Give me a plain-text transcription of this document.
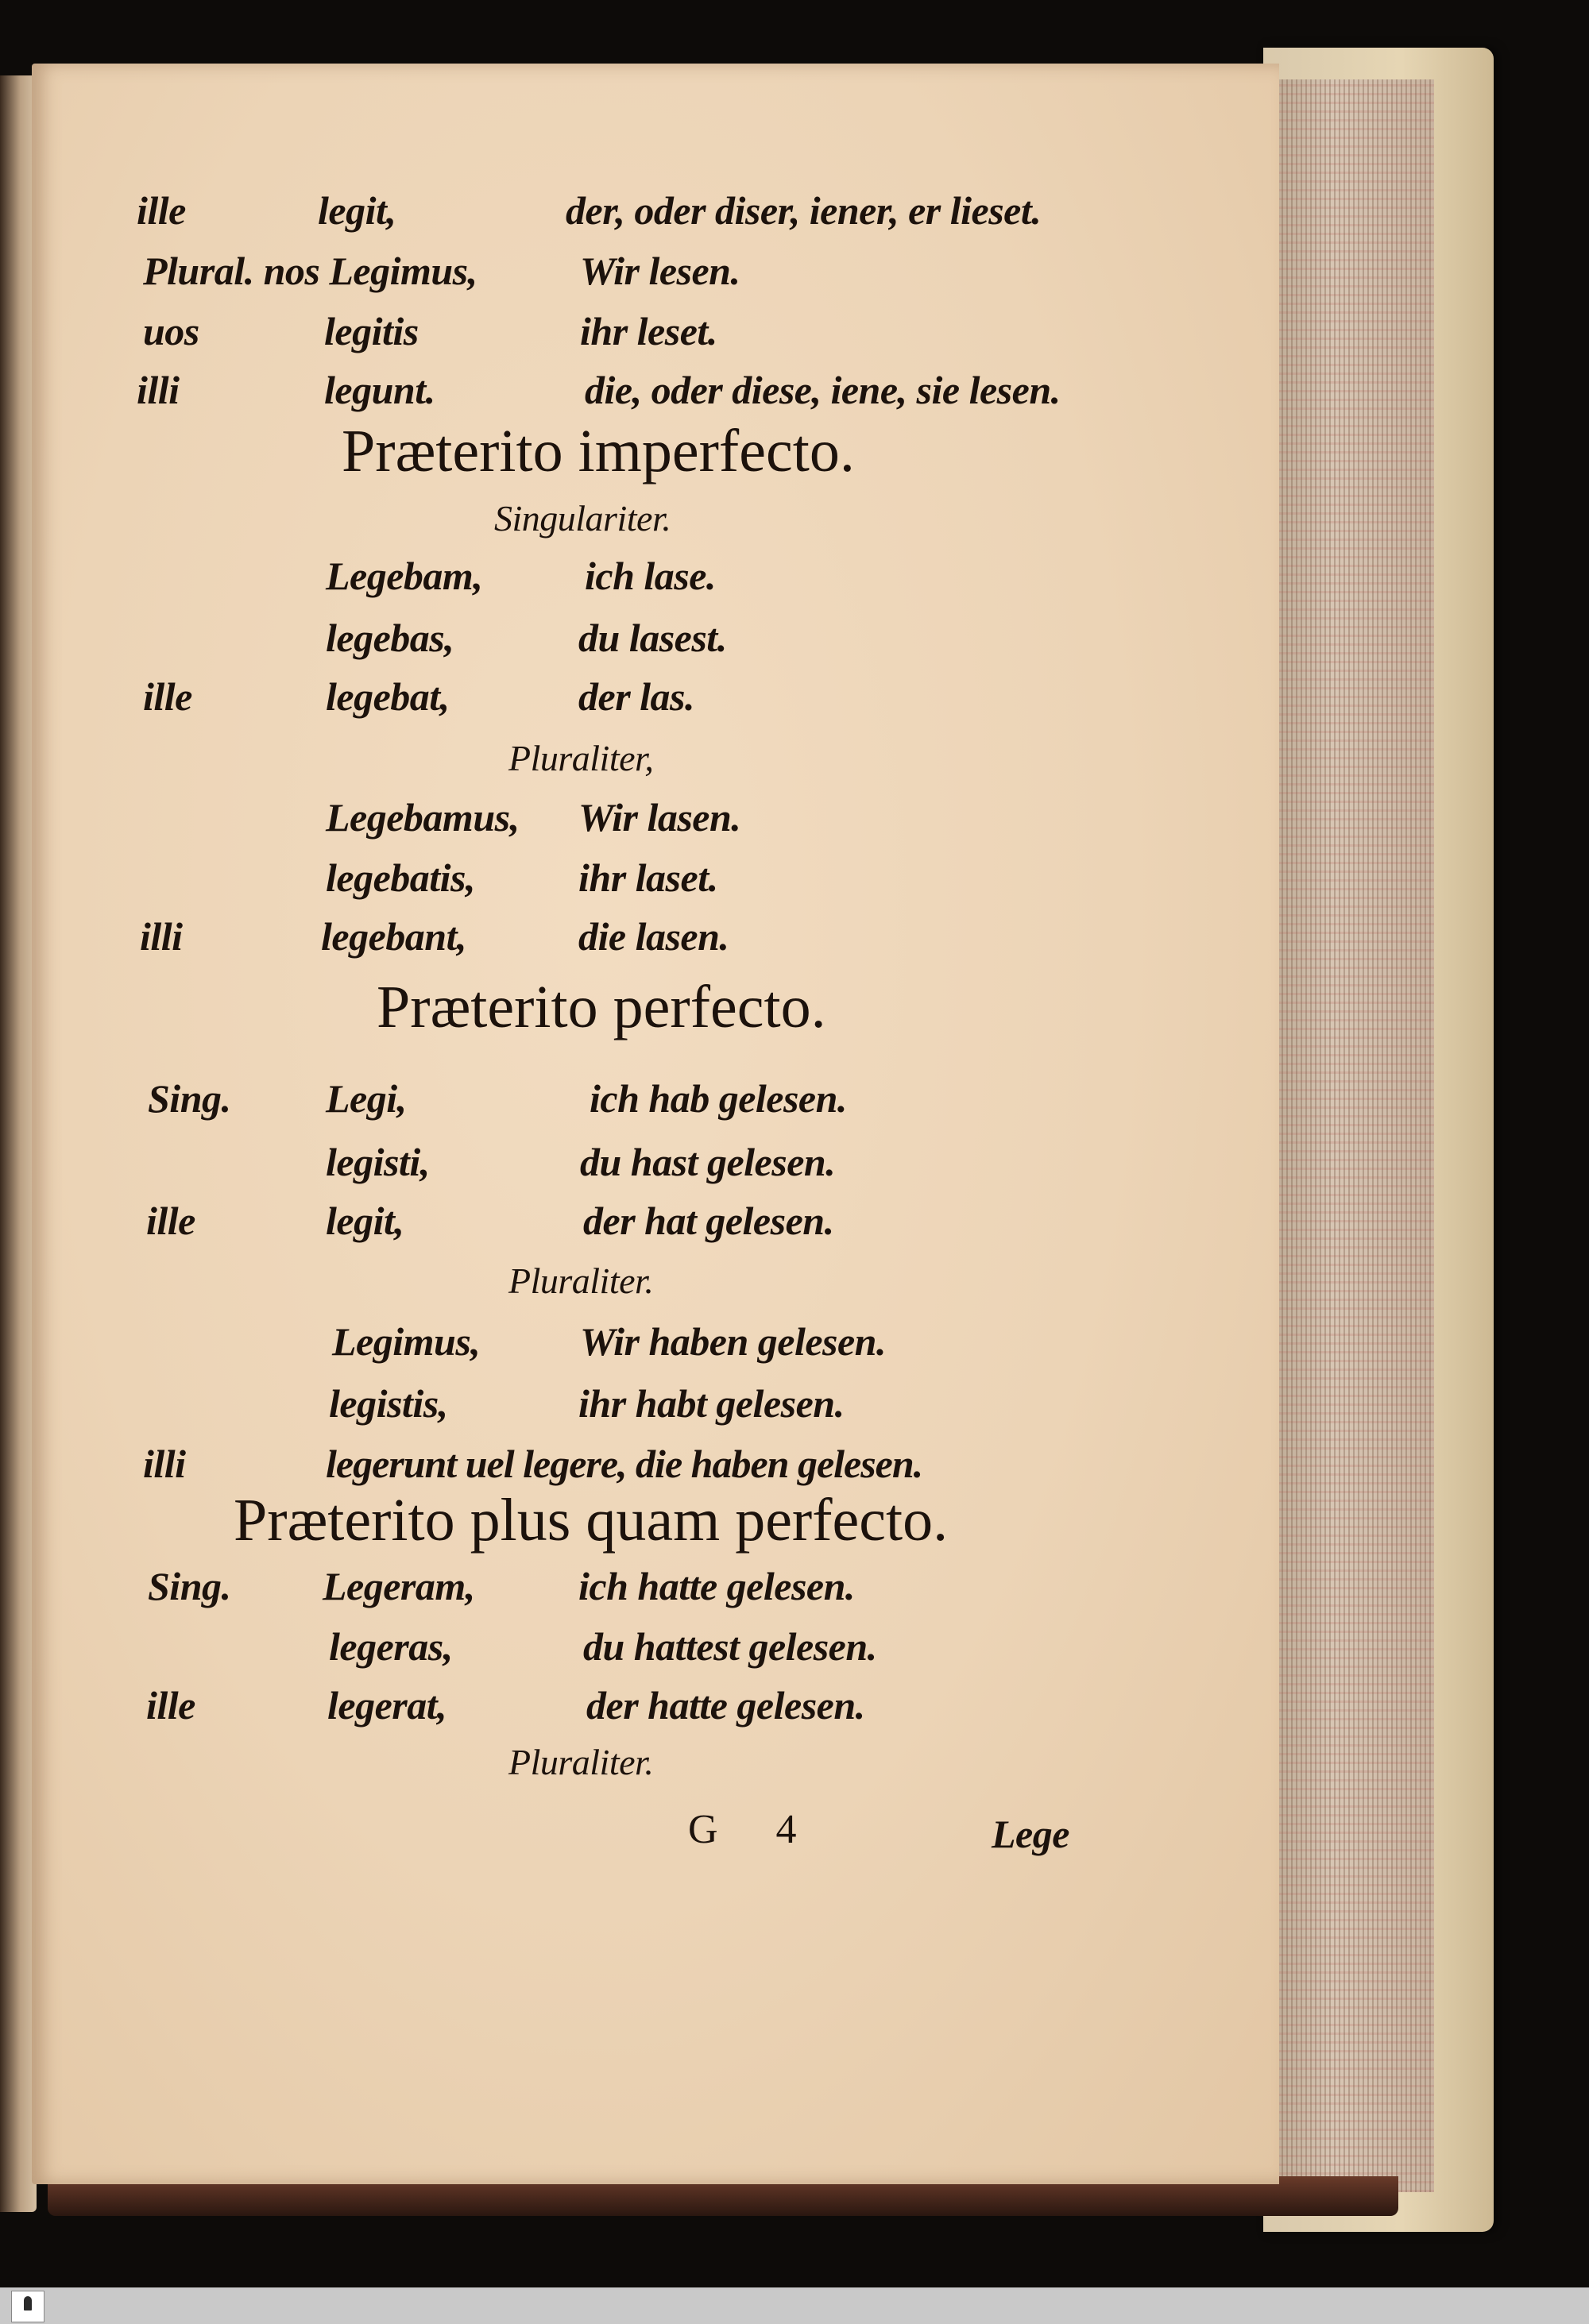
ille	legit,	der, oder diser, iener, er lieset.
Plural. nos Legimus,	Wir lesen.
uos	legitis	ihr leset.
illi	legunt.	die, oder diese, iene, sie lesen.
Præterito imperfecto.
Singulariter.
Legebam,	ich lase.
legebas,	du lasest.
ille	legebat,	der las.
Pluraliter,
Legebamus, Wir lasen.
legebatis,	ihr laset.
illi	legebant,	die lasen.
Præterito perfecto.
Sing. Legi,	ich hab gelesen.
legisti,	du hast gelesen.
ille	legit,	der hat gelesen.
Pluraliter.
Legimus,	Wir haben gelesen.
legistis,	ihr habt gelesen.
illi	legerunt uel legere, die haben gelesen.
Præterito plus quam perfecto.
Sing. Legeram,	ich hatte gelesen.
legeras,	du hattest gelesen.
ille	legerat,	der hatte gelesen.
Pluraliter.
G 4	Lege
